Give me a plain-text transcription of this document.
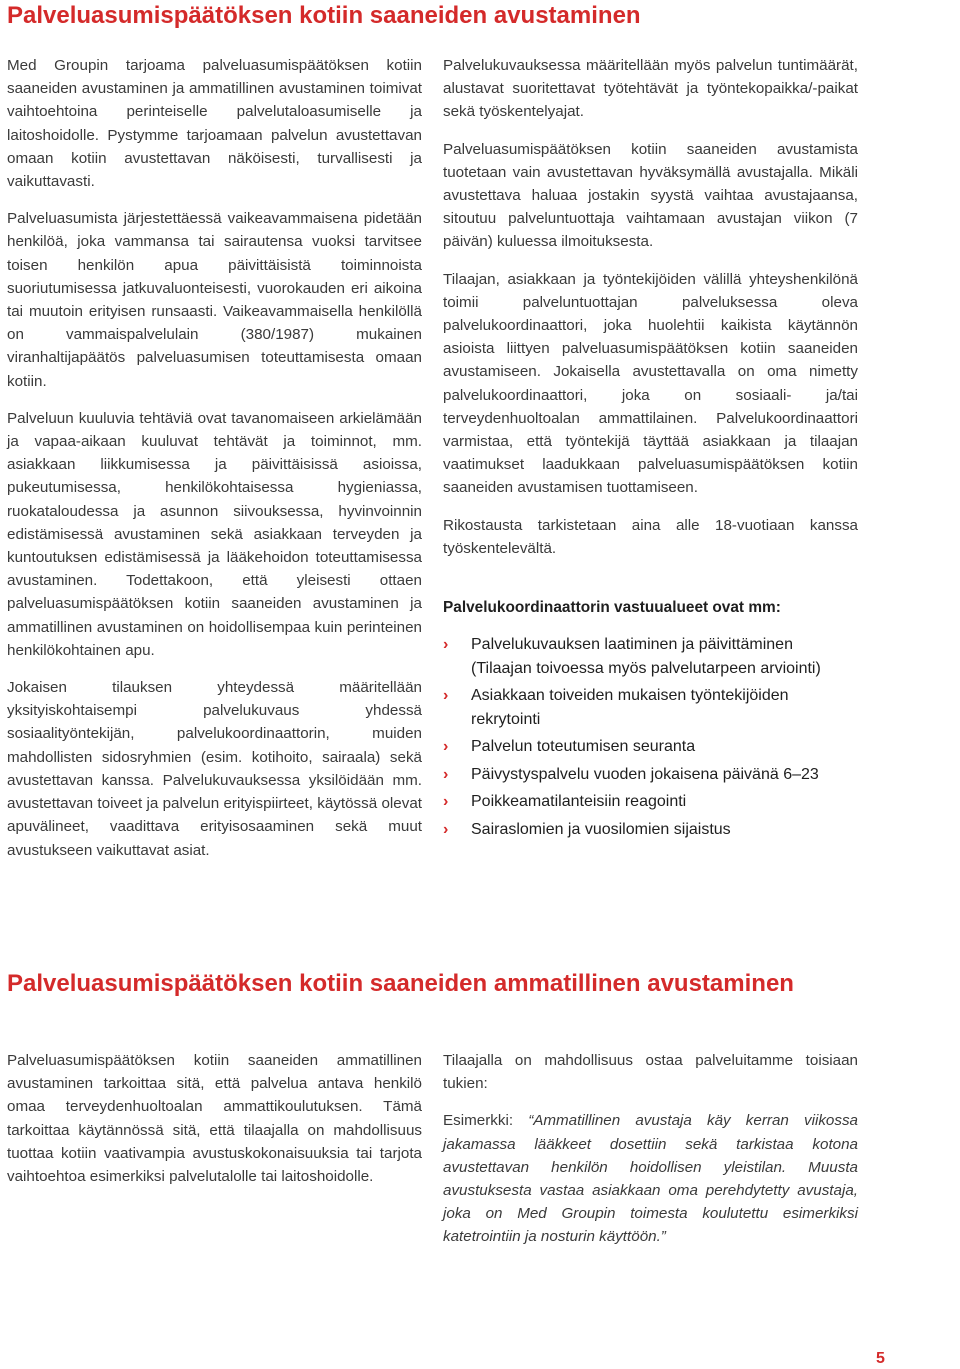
Palveluasumispäätöksen kotiin saaneiden avustaminen

Med Groupin tarjoama palveluasumispäätöksen kotiin saaneiden avustaminen ja ammatillinen avustaminen toimivat vaihtoehtoina perinteiselle palvelutaloasumiselle ja laitoshoidolle. Pystymme tarjoamaan palvelun avustettavan omaan kotiin avustettavan näköisesti, turvallisesti ja vaikuttavasti.

Palveluasumista järjestettäessä vaikeavammaisena pidetään henkilöä, joka vammansa tai sairautensa vuoksi tarvitsee toisen henkilön apua päivittäisistä toiminnoista suoriutumisessa jatkuvaluonteisesti, vuorokauden eri aikoina tai muutoin erityisen runsaasti. Vaikeavammaisella henkilöllä on vammaispalvelulain (380/1987) mukainen viranhaltijapäätös palveluasumisen toteuttamisesta omaan kotiin.

Palveluun kuuluvia tehtäviä ovat tavanomaiseen arkielämään ja vapaa-aikaan kuuluvat tehtävät ja toiminnot, mm. asiakkaan liikkumisessa ja päivittäisissä asioissa, pukeutumisessa, henkilökohtaisessa hygieniassa, ruokataloudessa ja asunnon siivouksessa, hyvinvoinnin edistämisessä avustaminen sekä asiakkaan terveyden ja kuntoutuksen edistämisessä ja lääkehoidon toteuttamisessa avustaminen. Todettakoon, että yleisesti ottaen palveluasumispäätöksen kotiin saaneiden avustaminen ja ammatillinen avustaminen on hoidollisempaa kuin perinteinen henkilökohtainen apu.

Jokaisen tilauksen yhteydessä määritellään yksityiskohtaisempi palvelukuvaus yhdessä sosiaalityöntekijän, palvelukoordinaattorin, muiden mahdollisten sidosryhmien (esim. kotihoito, sairaala) sekä avustettavan kanssa. Palvelukuvauksessa yksilöidään mm. avustettavan toiveet ja palvelun erityispiirteet, käytössä olevat apuvälineet, vaadittava erityisosaaminen sekä muut avustukseen vaikuttavat asiat.

Palvelukuvauksessa määritellään myös palvelun tuntimäärät, alustavat suoritettavat työtehtävät ja työntekopaikka/-paikat sekä työskentelyajat.

Palveluasumispäätöksen kotiin saaneiden avustamista tuotetaan vain avustettavan hyväksymällä avustajalla. Mikäli avustettava haluaa jostakin syystä vaihtaa avustajaansa, sitoutuu palveluntuottaja vaihtamaan avustajan viikon (7 päivän) kuluessa ilmoituksesta.

Tilaajan, asiakkaan ja työntekijöiden välillä yhteyshenkilönä toimii palveluntuottajan palveluksessa oleva palvelukoordinaattori, joka huolehtii kaikista käytännön asioista liittyen palveluasumispäätöksen kotiin saaneiden avustamiseen. Jokaisella avustettavalla on oma nimetty palvelukoordinaattori, joka on sosiaali- ja/tai terveydenhuoltoalan ammattilainen. Palvelukoordinaattori varmistaa, että työntekijä täyttää asiakkaan ja tilaajan vaatimukset laadukkaan palveluasumispäätöksen kotiin saaneiden avustamisen tuottamiseen.

Rikostausta tarkistetaan aina alle 18-vuotiaan kanssa työskentelevältä.

Palvelukoordinaattorin vastuualueet ovat mm:
› Palvelukuvauksen laatiminen ja päivittäminen (Tilaajan toivoessa myös palvelutarpeen arviointi)
› Asiakkaan toiveiden mukaisen työntekijöiden rekrytointi
› Palvelun toteutumisen seuranta
› Päivystyspalvelu vuoden jokaisena päivänä 6–23
› Poikkeamatilanteisiin reagointi
› Sairaslomien ja vuosilomien sijaistus
Palveluasumispäätöksen kotiin saaneiden ammatillinen avustaminen

Palveluasumispäätöksen kotiin saaneiden ammatillinen avustaminen tarkoittaa sitä, että palvelua antava henkilö omaa terveydenhuoltoalan ammattikoulutuksen. Tämä tarkoittaa käytännössä sitä, että tilaajalla on mahdollisuus tuottaa kotiin vaativampia avustuskokonaisuuksia tai tarjota vaihtoehtoa esimerkiksi palvelutalolle tai laitoshoidolle.

Tilaajalla on mahdollisuus ostaa palveluitamme toisiaan tukien:

Esimerkki: “Ammatillinen avustaja käy kerran viikossa jakamassa lääkkeet dosettiin sekä tarkistaa kotona avustettavan henkilön hoidollisen yleistilan. Muusta avustuksesta vastaa asiakkaan oma perehdytetty avustaja, joka on Med Groupin toimesta koulutettu esimerkiksi katetrointiin ja nosturin käyttöön.”

5
